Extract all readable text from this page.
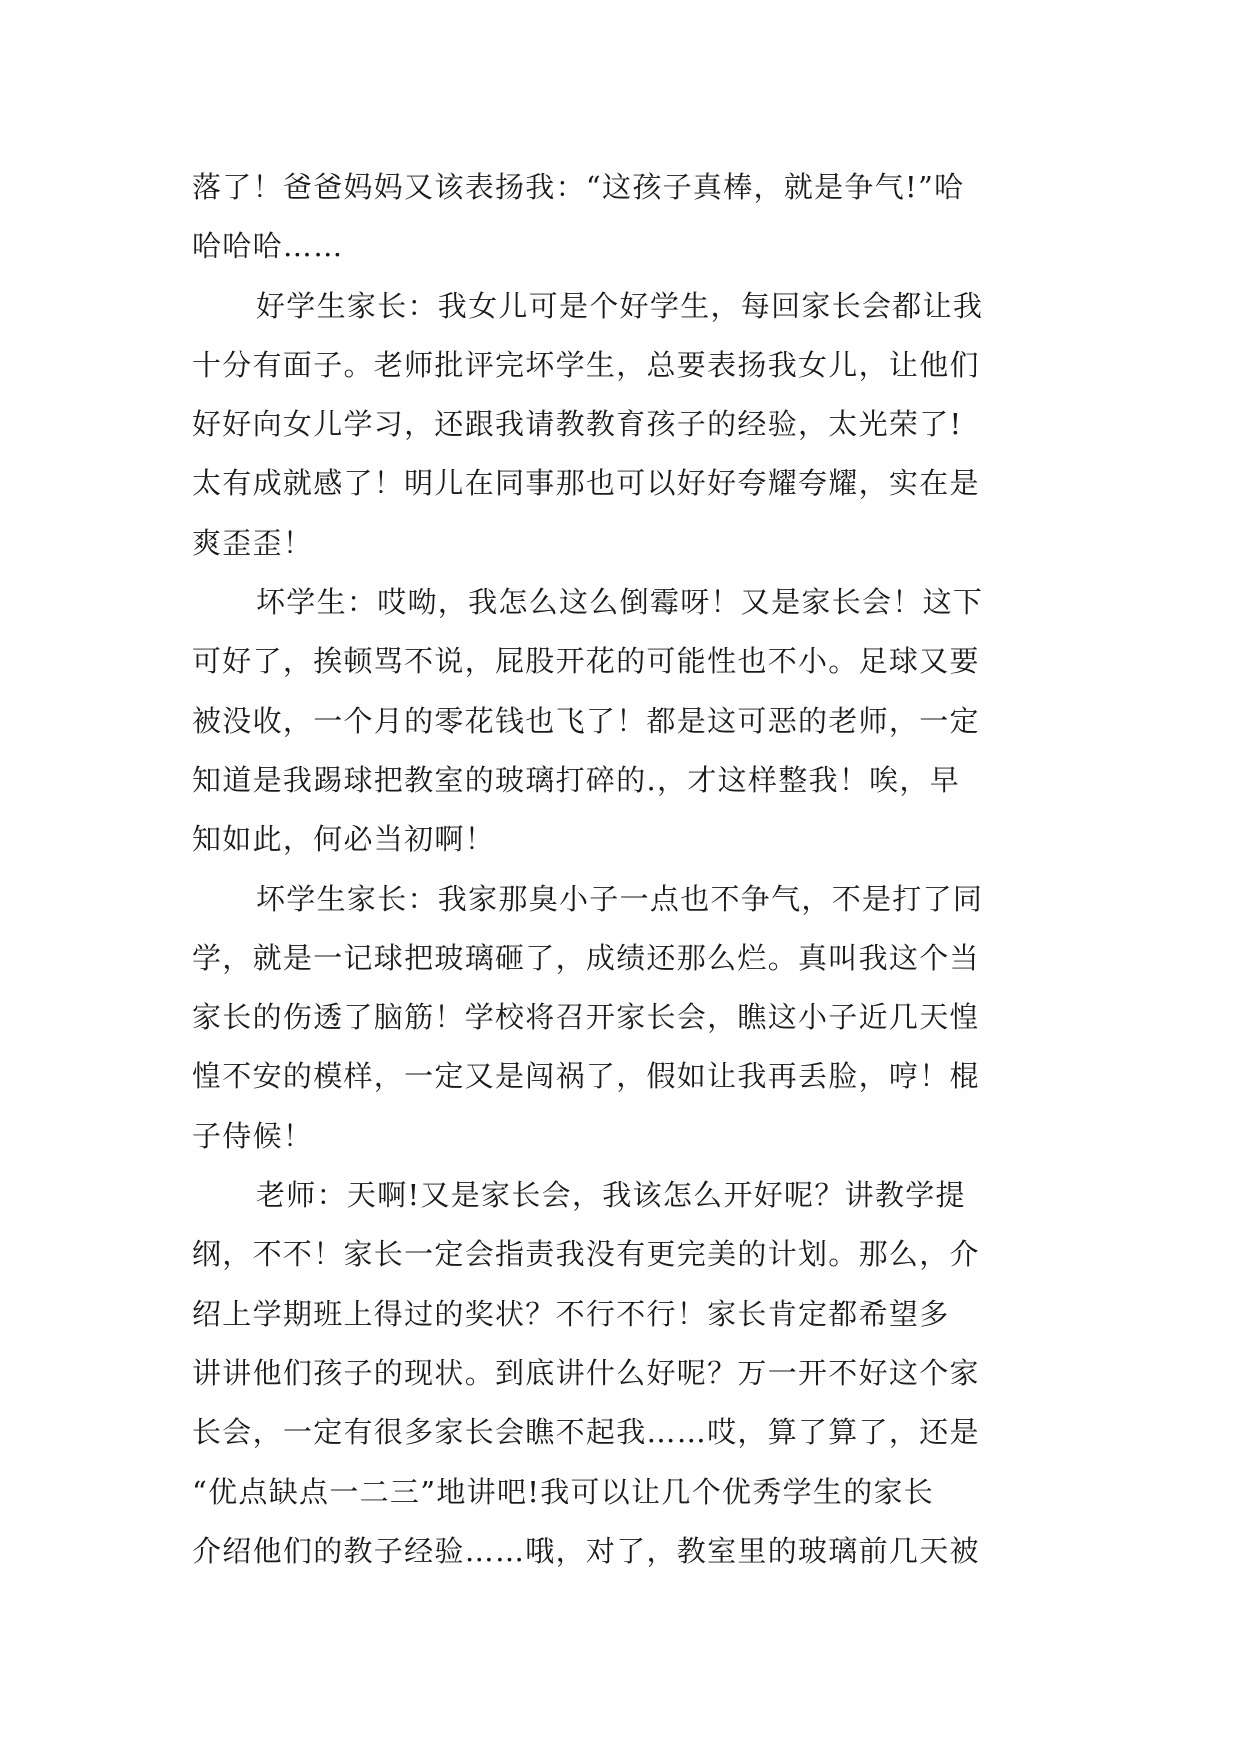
落了！爸爸妈妈又该表扬我：“这孩子真棒，就是争气!”哈
哈哈哈……
好学生家长：我女儿可是个好学生，每回家长会都让我
十分有面子。老师批评完坏学生，总要表扬我女儿，让他们
好好向女儿学习，还跟我请教教育孩子的经验，太光荣了!
太有成就感了！明儿在同事那也可以好好夸耀夸耀，实在是
爽歪歪！
坏学生：哎呦，我怎么这么倒霉呀！又是家长会！这下
可好了，挨顿骂不说，屁股开花的可能性也不小。足球又要
被没收，一个月的零花钱也飞了！都是这可恶的老师，一定
知道是我踢球把教室的玻璃打碎的.，才这样整我！唉，早
知如此，何必当初啊！
坏学生家长：我家那臭小子一点也不争气，不是打了同
学，就是一记球把玻璃砸了，成绩还那么烂。真叫我这个当
家长的伤透了脑筋！学校将召开家长会，瞧这小子近几天惶
惶不安的模样，一定又是闯祸了，假如让我再丢脸，哼！棍
子侍候！
老师：天啊!又是家长会，我该怎么开好呢？讲教学提
纲，不不！家长一定会指责我没有更完美的计划。那么，介
绍上学期班上得过的奖状？不行不行！家长肯定都希望多
讲讲他们孩子的现状。到底讲什么好呢？万一开不好这个家
长会，一定有很多家长会瞧不起我……哎，算了算了，还是
“优点缺点一二三”地讲吧!我可以让几个优秀学生的家长
介绍他们的教子经验……哦，对了，教室里的玻璃前几天被
